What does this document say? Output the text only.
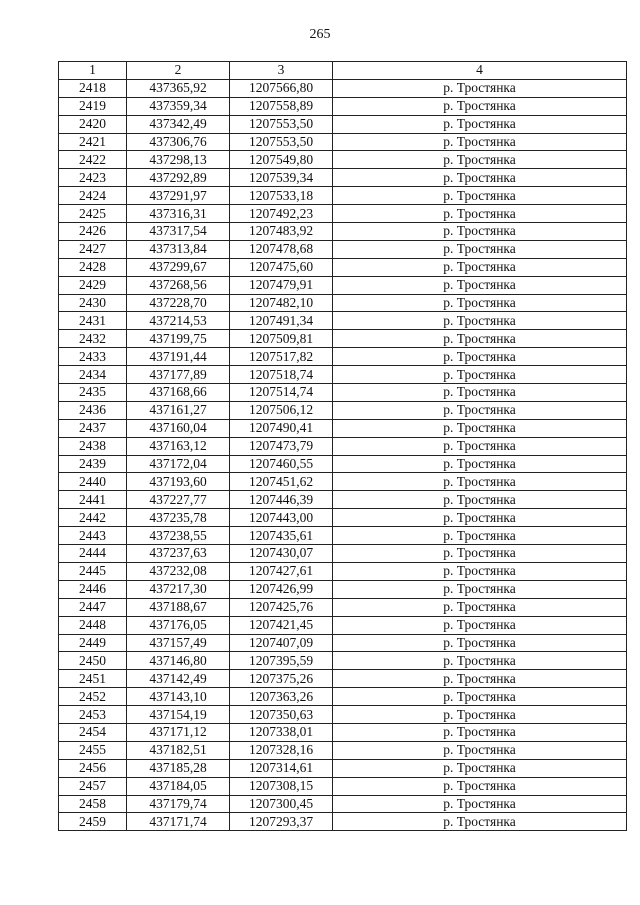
265
1	2	3	4
2418	437365,92	1207566,80	р. Тростянка
2419	437359,34	1207558,89	р. Тростянка
2420	437342,49	1207553,50	р. Тростянка
2421	437306,76	1207553,50	р. Тростянка
2422	437298,13	1207549,80	р. Тростянка
2423	437292,89	1207539,34	р. Тростянка
2424	437291,97	1207533,18	р. Тростянка
2425	437316,31	1207492,23	р. Тростянка
2426	437317,54	1207483,92	р. Тростянка
2427	437313,84	1207478,68	р. Тростянка
2428	437299,67	1207475,60	р. Тростянка
2429	437268,56	1207479,91	р. Тростянка
2430	437228,70	1207482,10	р. Тростянка
2431	437214,53	1207491,34	р. Тростянка
2432	437199,75	1207509,81	р. Тростянка
2433	437191,44	1207517,82	р. Тростянка
2434	437177,89	1207518,74	р. Тростянка
2435	437168,66	1207514,74	р. Тростянка
2436	437161,27	1207506,12	р. Тростянка
2437	437160,04	1207490,41	р. Тростянка
2438	437163,12	1207473,79	р. Тростянка
2439	437172,04	1207460,55	р. Тростянка
2440	437193,60	1207451,62	р. Тростянка
2441	437227,77	1207446,39	р. Тростянка
2442	437235,78	1207443,00	р. Тростянка
2443	437238,55	1207435,61	р. Тростянка
2444	437237,63	1207430,07	р. Тростянка
2445	437232,08	1207427,61	р. Тростянка
2446	437217,30	1207426,99	р. Тростянка
2447	437188,67	1207425,76	р. Тростянка
2448	437176,05	1207421,45	р. Тростянка
2449	437157,49	1207407,09	р. Тростянка
2450	437146,80	1207395,59	р. Тростянка
2451	437142,49	1207375,26	р. Тростянка
2452	437143,10	1207363,26	р. Тростянка
2453	437154,19	1207350,63	р. Тростянка
2454	437171,12	1207338,01	р. Тростянка
2455	437182,51	1207328,16	р. Тростянка
2456	437185,28	1207314,61	р. Тростянка
2457	437184,05	1207308,15	р. Тростянка
2458	437179,74	1207300,45	р. Тростянка
2459	437171,74	1207293,37	р. Тростянка
